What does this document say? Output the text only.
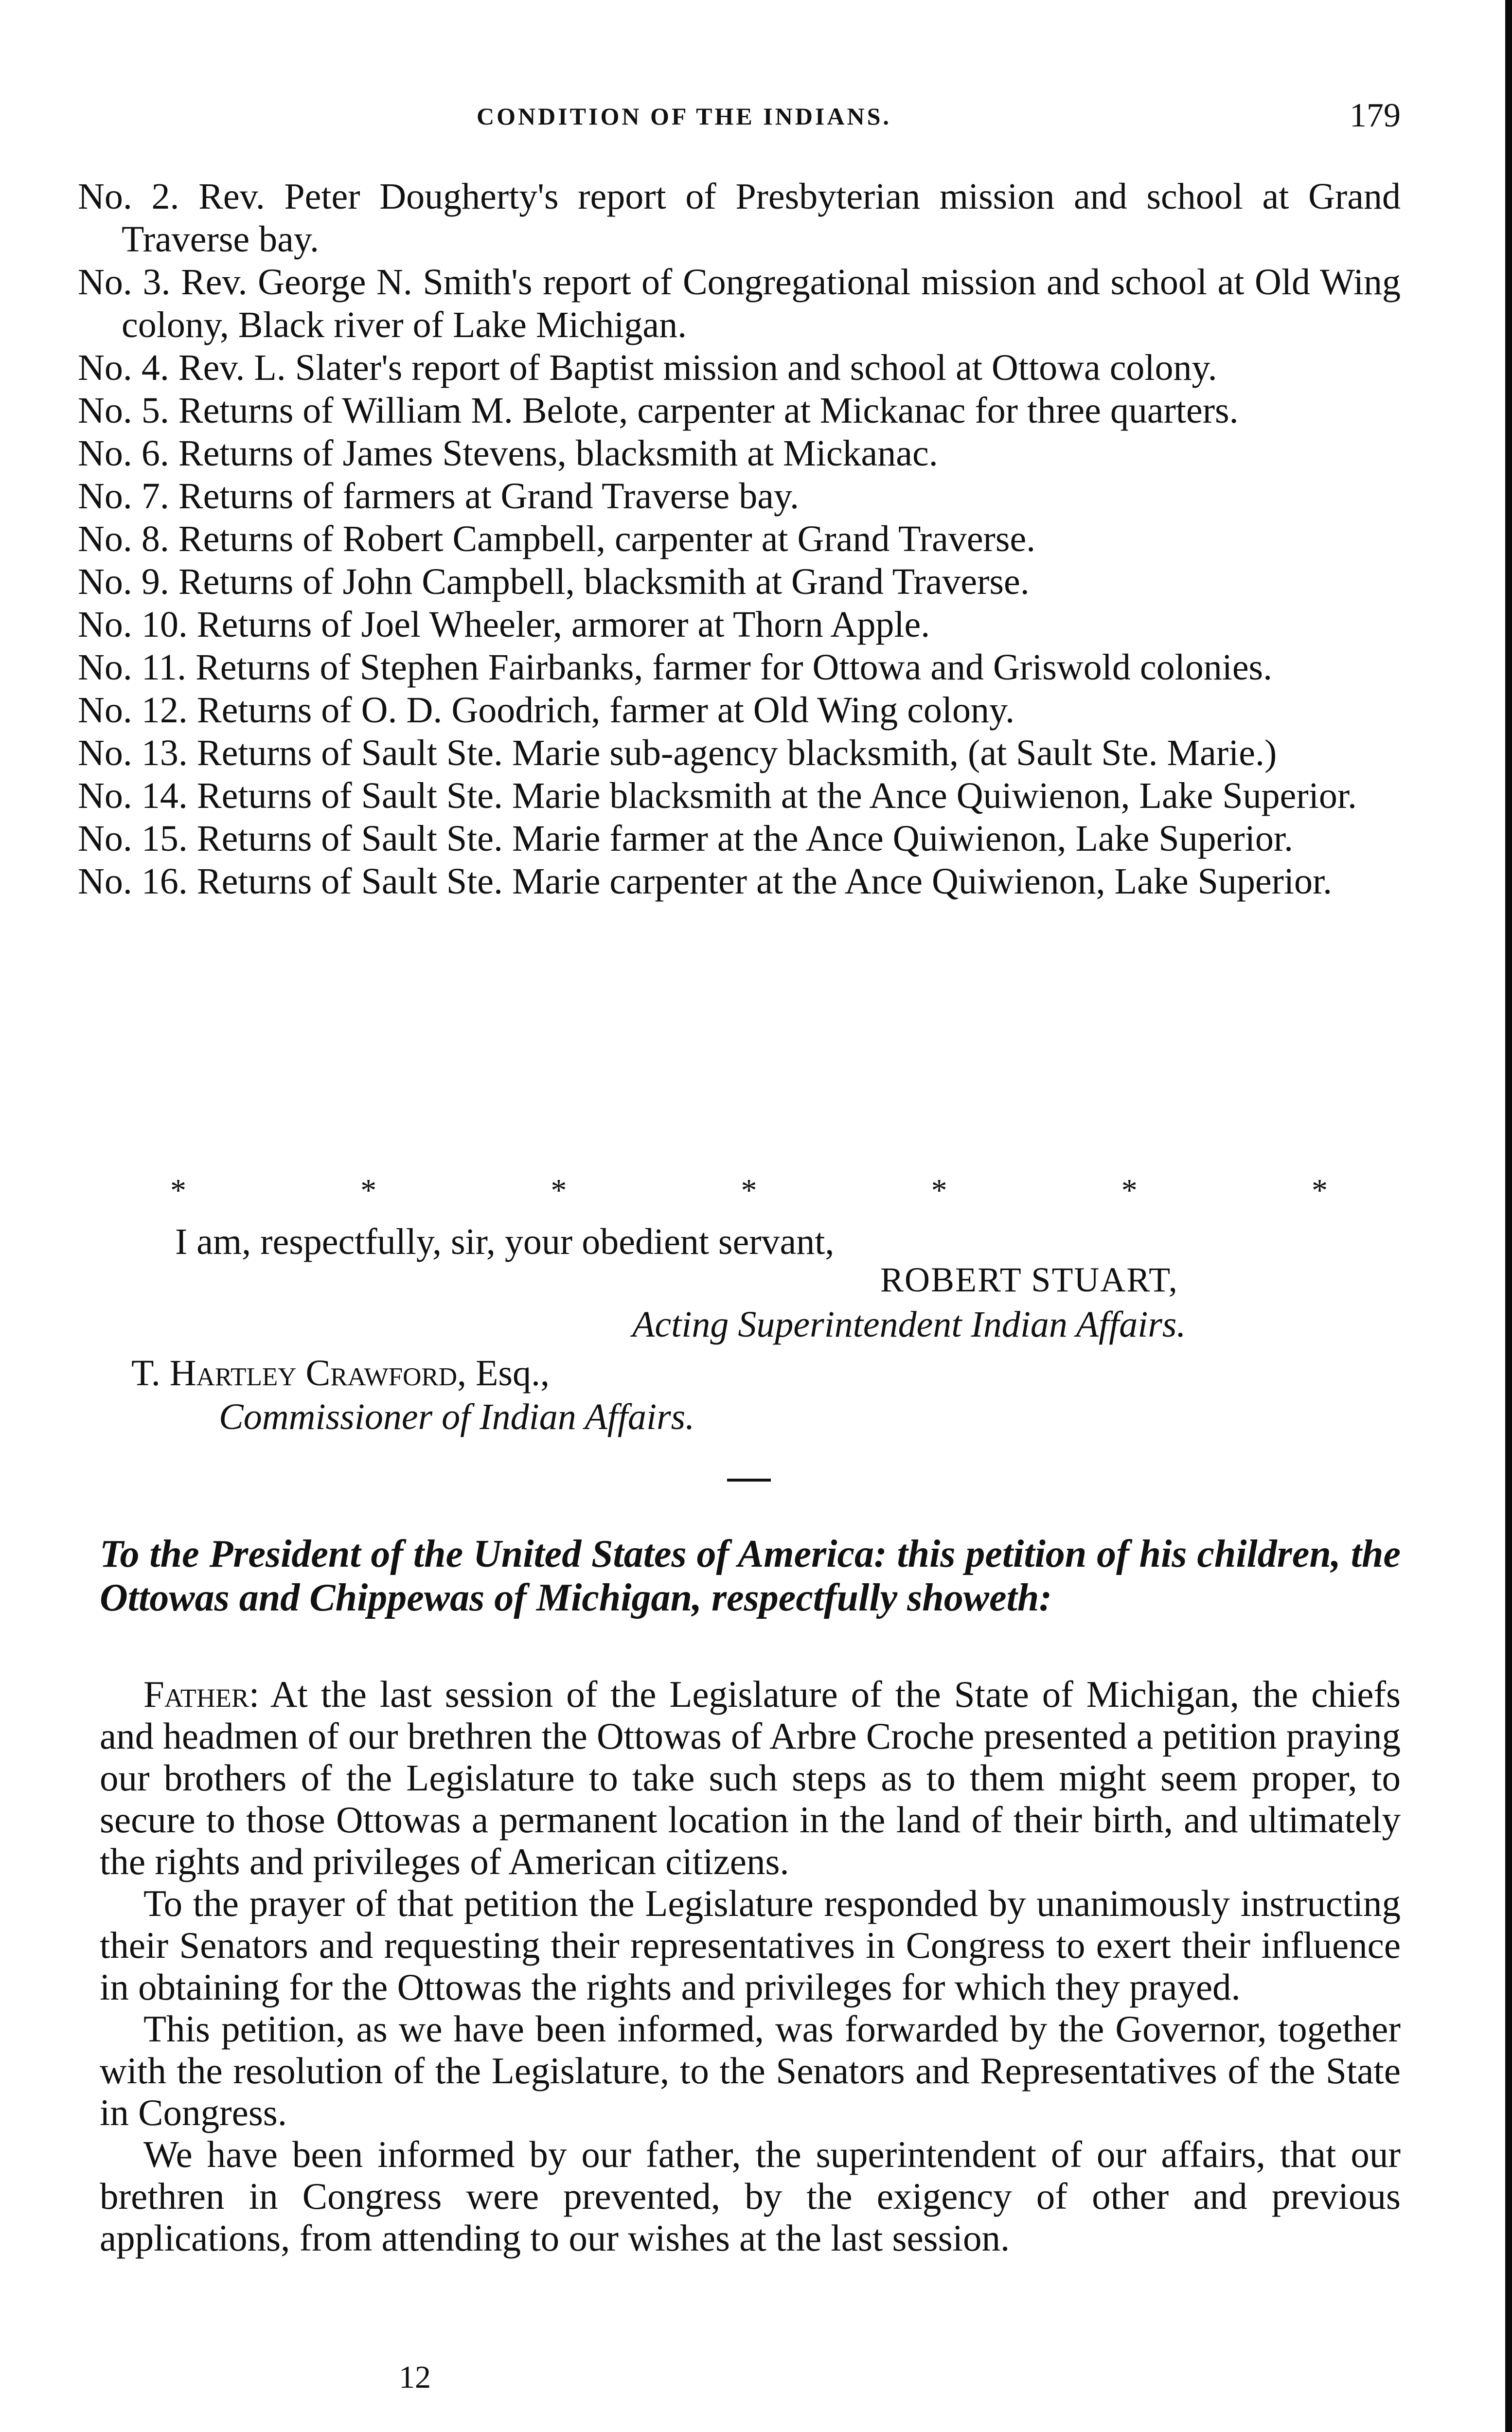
CONDITION OF THE INDIANS.	179

No. 2. Rev. Peter Dougherty's report of Presbyterian mission and school at Grand Traverse bay.

No. 3. Rev. George N. Smith's report of Congregational mission and school at Old Wing colony, Black river of Lake Michigan.

No. 4. Rev. L. Slater's report of Baptist mission and school at Ottowa colony.

No. 5. Returns of William M. Belote, carpenter at Mickanac for three quarters.

No. 6. Returns of James Stevens, blacksmith at Mickanac.

No. 7. Returns of farmers at Grand Traverse bay.

No. 8. Returns of Robert Campbell, carpenter at Grand Traverse.

No. 9. Returns of John Campbell, blacksmith at Grand Traverse.

No. 10. Returns of Joel Wheeler, armorer at Thorn Apple.

No. 11. Returns of Stephen Fairbanks, farmer for Ottowa and Griswold colonies.

No. 12. Returns of O. D. Goodrich, farmer at Old Wing colony.

No. 13. Returns of Sault Ste. Marie sub-agency blacksmith, (at Sault Ste. Marie.)

No. 14. Returns of Sault Ste. Marie blacksmith at the Ance Quiwienon, Lake Superior.

No. 15. Returns of Sault Ste. Marie farmer at the Ance Quiwienon, Lake Superior.

No. 16. Returns of Sault Ste. Marie carpenter at the Ance Quiwienon, Lake Superior.

*	*	*	*	*	*	*
I am, respectfully, sir, your obedient servant,
ROBERT STUART,
Acting Superintendent Indian Affairs.
T. Hartley Crawford, Esq.,
Commissioner of Indian Affairs.

To the President of the United States of America: this petition of his children, the Ottowas and Chippewas of Michigan, respectfully showeth:

Father: At the last session of the Legislature of the State of Michigan, the chiefs and headmen of our brethren the Ottowas of Arbre Croche presented a petition praying our brothers of the Legislature to take such steps as to them might seem proper, to secure to those Ottowas a permanent location in the land of their birth, and ultimately the rights and privileges of American citizens.

To the prayer of that petition the Legislature responded by unanimously instructing their Senators and requesting their representatives in Congress to exert their influence in obtaining for the Ottowas the rights and privileges for which they prayed.

This petition, as we have been informed, was forwarded by the Governor, together with the resolution of the Legislature, to the Senators and Representatives of the State in Congress.

We have been informed by our father, the superintendent of our affairs, that our brethren in Congress were prevented, by the exigency of other and previous applications, from attending to our wishes at the last session.

12
